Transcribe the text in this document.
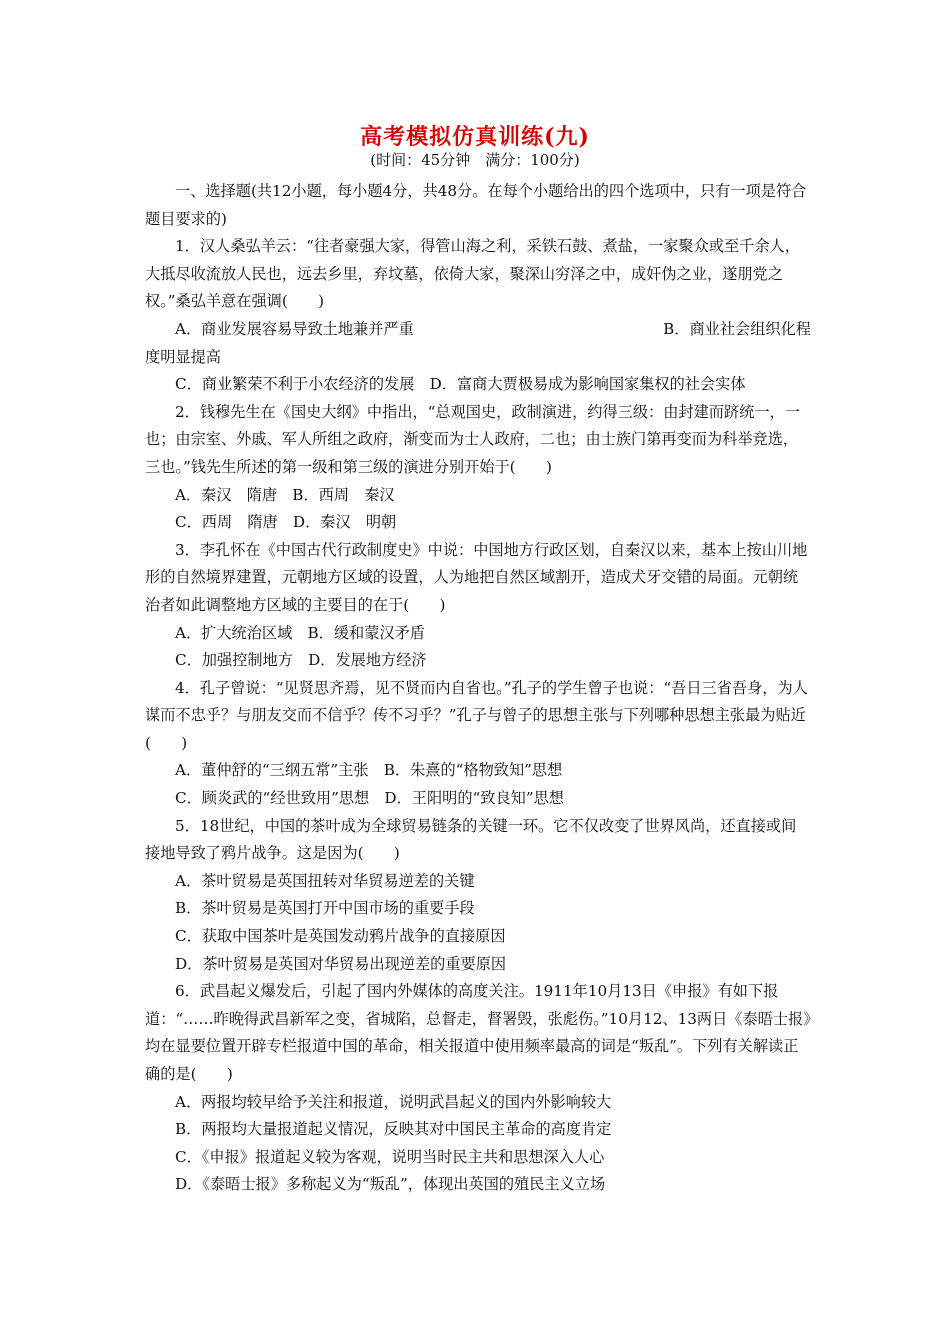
高考模拟仿真训练(九)
(时间：45分钟　满分：100分)

一、选择题(共12小题，每小题4分，共48分。在每个小题给出的四个选项中，只有一项是符合题目要求的)

1．汉人桑弘羊云：“往者豪强大家，得管山海之利，采铁石鼓、煮盐，一家聚众或至千余人，大抵尽收流放人民也，远去乡里，弃坟墓，依倚大家，聚深山穷泽之中，成奸伪之业，遂朋党之权。”桑弘羊意在强调(　　)

A．商业发展容易导致土地兼并严重	B．商业社会组织化程

度明显提高

C．商业繁荣不利于小农经济的发展　D．富商大贾极易成为影响国家集权的社会实体

2．钱穆先生在《国史大纲》中指出，“总观国史，政制演进，约得三级：由封建而跻统一，一也；由宗室、外戚、军人所组之政府，渐变而为士人政府，二也；由士族门第再变而为科举竞选，三也。”钱先生所述的第一级和第三级的演进分别开始于(　　)

A．秦汉　隋唐　B．西周　秦汉

C．西周　隋唐　D．秦汉　明朝

3．李孔怀在《中国古代行政制度史》中说：中国地方行政区划，自秦汉以来，基本上按山川地形的自然境界建置，元朝地方区域的设置，人为地把自然区域割开，造成犬牙交错的局面。元朝统治者如此调整地方区域的主要目的在于(　　)

A．扩大统治区域　B．缓和蒙汉矛盾

C．加强控制地方　D．发展地方经济

4．孔子曾说：“见贤思齐焉，见不贤而内自省也。”孔子的学生曾子也说：“吾日三省吾身，为人谋而不忠乎？与朋友交而不信乎？传不习乎？”孔子与曾子的思想主张与下列哪种思想主张最为贴近(　　)

A．董仲舒的“三纲五常”主张　B．朱熹的“格物致知”思想

C．顾炎武的“经世致用”思想　D．王阳明的“致良知”思想

5．18世纪，中国的茶叶成为全球贸易链条的关键一环。它不仅改变了世界风尚，还直接或间接地导致了鸦片战争。这是因为(　　)

A．茶叶贸易是英国扭转对华贸易逆差的关键

B．茶叶贸易是英国打开中国市场的重要手段

C．获取中国茶叶是英国发动鸦片战争的直接原因

D．茶叶贸易是英国对华贸易出现逆差的重要原因

6．武昌起义爆发后，引起了国内外媒体的高度关注。1911年10月13日《申报》有如下报道：“……昨晚得武昌新军之变，省城陷，总督走，督署毁，张彪伤。”10月12、13两日《泰晤士报》均在显要位置开辟专栏报道中国的革命，相关报道中使用频率最高的词是“叛乱”。下列有关解读正确的是(　　)

A．两报均较早给予关注和报道，说明武昌起义的国内外影响较大

B．两报均大量报道起义情况，反映其对中国民主革命的高度肯定

C．《申报》报道起义较为客观，说明当时民主共和思想深入人心

D．《泰晤士报》多称起义为“叛乱”，体现出英国的殖民主义立场
